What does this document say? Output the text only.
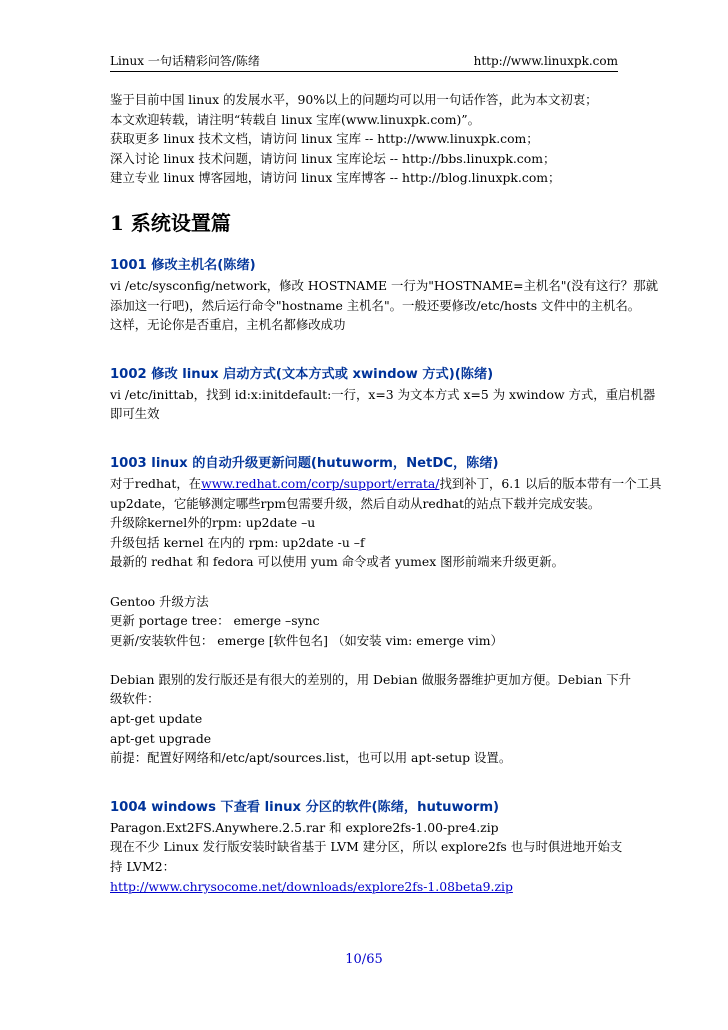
Linux 一句话精彩问答/陈绪	http://www.linuxpk.com
鉴于目前中国 linux 的发展水平，90%以上的问题均可以用一句话作答，此为本文初衷；
本文欢迎转载，请注明“转载自 linux 宝库(www.linuxpk.com)”。
获取更多 linux 技术文档，请访问 linux 宝库 -- http://www.linuxpk.com；
深入讨论 linux 技术问题，请访问 linux 宝库论坛 -- http://bbs.linuxpk.com；
建立专业 linux 博客园地，请访问 linux 宝库博客 -- http://blog.linuxpk.com；
1 系统设置篇
1001 修改主机名(陈绪)
vi /etc/sysconfig/network，修改 HOSTNAME 一行为"HOSTNAME=主机名"(没有这行？那就
添加这一行吧)，然后运行命令"hostname 主机名"。一般还要修改/etc/hosts 文件中的主机名。
这样，无论你是否重启，主机名都修改成功
1002 修改 linux 启动方式(文本方式或 xwindow 方式)(陈绪)
vi /etc/inittab，找到 id:x:initdefault:一行，x=3 为文本方式 x=5 为 xwindow 方式，重启机器
即可生效
1003 linux 的自动升级更新问题(hutuworm，NetDC，陈绪)
对于redhat，在www.redhat.com/corp/support/errata/找到补丁，6.1 以后的版本带有一个工具
up2date，它能够测定哪些rpm包需要升级，然后自动从redhat的站点下载并完成安装。
升级除kernel外的rpm: up2date –u
升级包括 kernel 在内的 rpm: up2date -u –f
最新的 redhat 和 fedora 可以使用 yum 命令或者 yumex 图形前端来升级更新。
Gentoo 升级方法
更新 portage tree： emerge –sync
更新/安装软件包： emerge [软件包名] （如安装 vim: emerge vim）
Debian 跟别的发行版还是有很大的差别的，用 Debian 做服务器维护更加方便。Debian 下升
级软件：
apt-get update
apt-get upgrade
前提：配置好网络和/etc/apt/sources.list，也可以用 apt-setup 设置。
1004 windows 下查看 linux 分区的软件(陈绪，hutuworm)
Paragon.Ext2FS.Anywhere.2.5.rar 和 explore2fs-1.00-pre4.zip
现在不少 Linux 发行版安装时缺省基于 LVM 建分区，所以 explore2fs 也与时俱进地开始支
持 LVM2：
http://www.chrysocome.net/downloads/explore2fs-1.08beta9.zip
10/65
